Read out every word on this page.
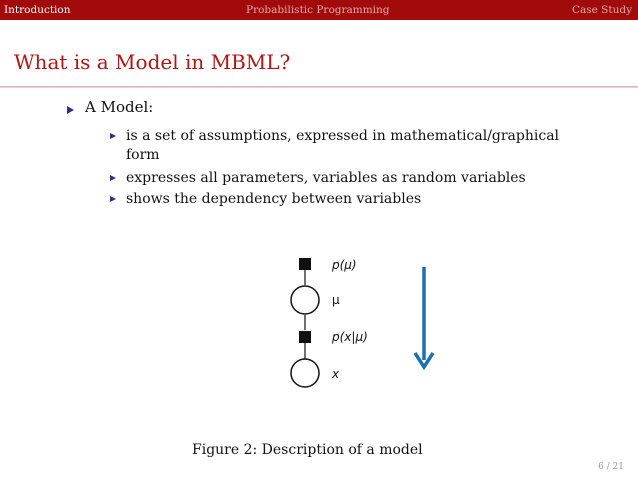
Introduction	Probabilistic Programming	Case Study
What is a Model in MBML?
A Model:
is a set of assumptions, expressed in mathematical/graphical form
expresses all parameters, variables as random variables
shows the dependency between variables
p(μ)
μ
p(x|μ)
x
Figure 2: Description of a model
6 / 21
